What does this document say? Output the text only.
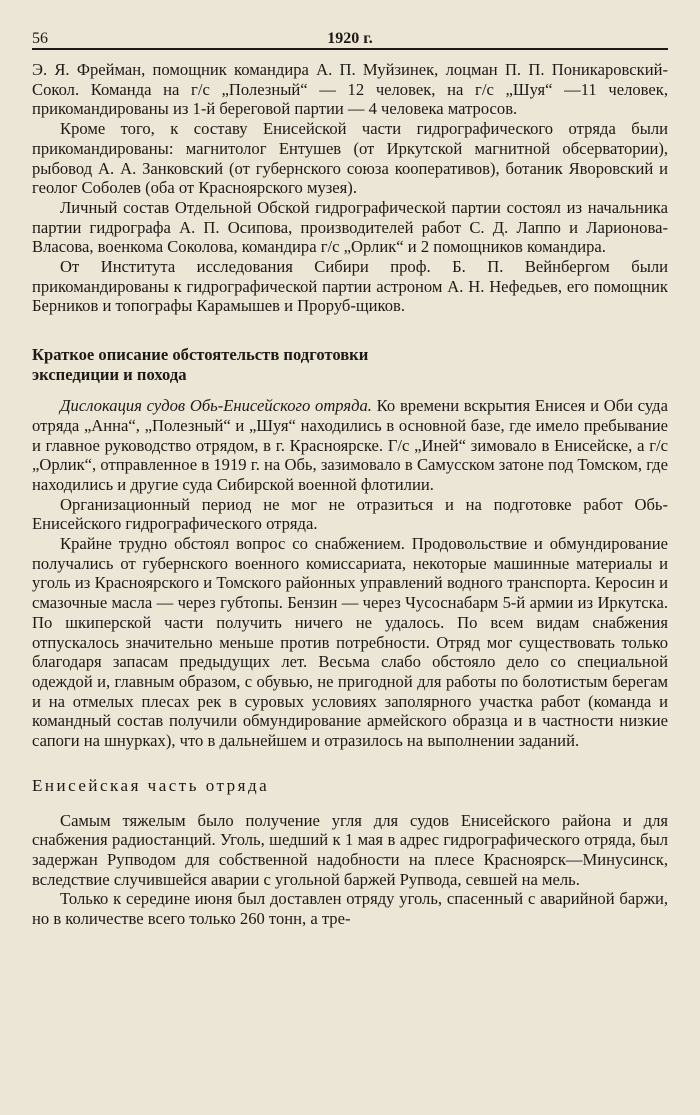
56	1920 г.

Э. Я. Фрейман, помощник командира А. П. Муйзинек, лоцман П. П. Поникаровский-Сокол. Команда на г/с „Полезный“ — 12 человек, на г/с „Шуя“ —11 человек, прикомандированы из 1-й береговой партии — 4 человека матросов.

Кроме того, к составу Енисейской части гидрографического отряда были прикомандированы: магнитолог Ентушев (от Иркутской магнитной обсерватории), рыбовод А. А. Занковский (от губернского союза кооперативов), ботаник Яворовский и геолог Соболев (оба от Красноярского музея).

Личный состав Отдельной Обской гидрографической партии состоял из начальника партии гидрографа А. П. Осипова, производителей работ С. Д. Лаппо и Ларионова-Власова, военкома Соколова, командира г/с „Орлик“ и 2 помощников командира.

От Института исследования Сибири проф. Б. П. Вейнбергом были прикомандированы к гидрографической партии астроном А. Н. Нефедьев, его помощник Берников и топографы Карамышев и Проруб-щиков.

Краткое описание обстоятельств подготовки
экспедиции и похода

Дислокация судов Обь-Енисейского отряда. Ко времени вскрытия Енисея и Оби суда отряда „Анна“, „Полезный“ и „Шуя“ находились в основной базе, где имело пребывание и главное руководство отрядом, в г. Красноярске. Г/с „Иней“ зимовало в Енисейске, а г/с „Орлик“, отправленное в 1919 г. на Обь, зазимовало в Самусском затоне под Томском, где находились и другие суда Сибирской военной флотилии.

Организационный период не мог не отразиться и на подготовке работ Обь-Енисейского гидрографического отряда.

Крайне трудно обстоял вопрос со снабжением. Продовольствие и обмундирование получались от губернского военного комиссариата, некоторые машинные материалы и уголь из Красноярского и Томского районных управлений водного транспорта. Керосин и смазочные масла — через губтопы. Бензин — через Чусоснабарм 5-й армии из Иркутска. По шкиперской части получить ничего не удалось. По всем видам снабжения отпускалось значительно меньше против потребности. Отряд мог существовать только благодаря запасам предыдущих лет. Весьма слабо обстояло дело со специальной одеждой и, главным образом, с обувью, не пригодной для работы по болотистым берегам и на отмелых плесах рек в суровых условиях заполярного участка работ (команда и командный состав получили обмундирование армейского образца и в частности низкие сапоги на шнурках), что в дальнейшем и отразилось на выполнении заданий.

Енисейская часть отряда

Самым тяжелым было получение угля для судов Енисейского района и для снабжения радиостанций. Уголь, шедший к 1 мая в адрес гидрографического отряда, был задержан Рупводом для собственной надобности на плесе Красноярск—Минусинск, вследствие случившейся аварии с угольной баржей Рупвода, севшей на мель.

Только к середине июня был доставлен отряду уголь, спасенный с аварийной баржи, но в количестве всего только 260 тонн, а тре-
